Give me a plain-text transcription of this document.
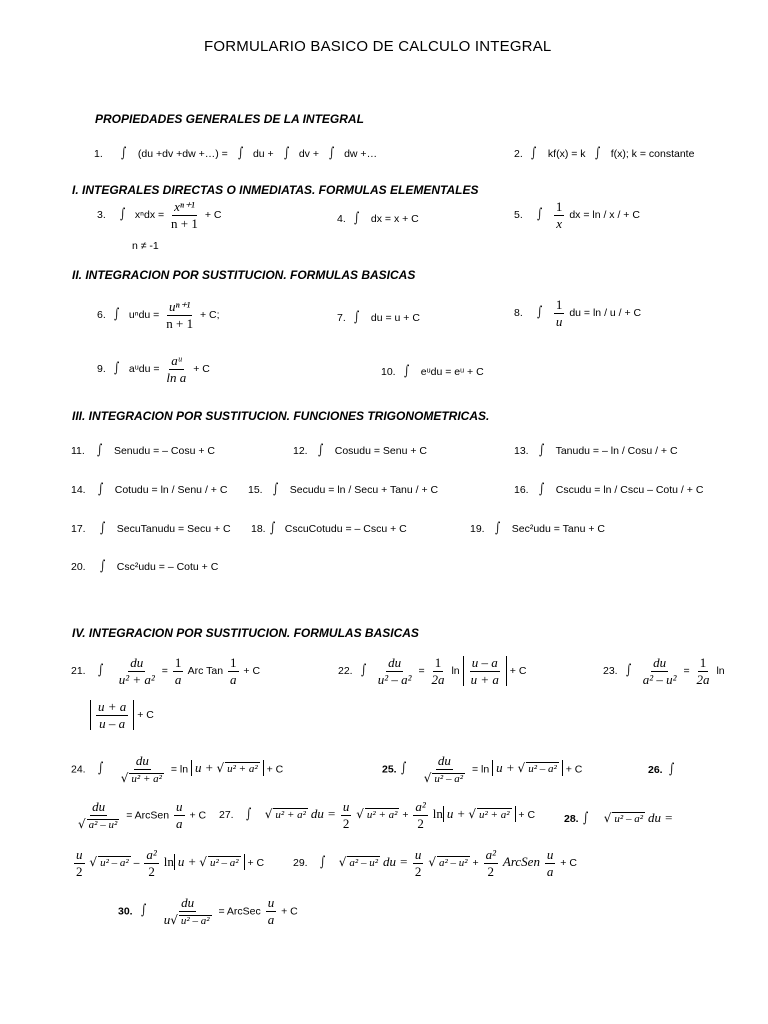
FORMULARIO BASICO DE CALCULO INTEGRAL
PROPIEDADES GENERALES DE LA INTEGRAL
1. ∫ (du +dv +dw +…) = ∫ du + ∫ dv + ∫ dw +…	2. ∫ kf(x) = k ∫ f(x); k = constante
I. INTEGRALES DIRECTAS O INMEDIATAS. FORMULAS ELEMENTALES
3. ∫ $x^ndx = \frac{\text{xⁿ⁺¹}}{n + 1} + C$
n ≠ -1
4. ∫ dx = x + C	5. ∫ $\frac{1}{x}$ dx = ln / x / + C
II. INTEGRACION POR SUSTITUCION. FORMULAS BASICAS
6. ∫ $u^ndu = \frac{\text{uⁿ⁺¹}}{n + 1} + C$;	7. ∫ du = u + C	8. ∫ $\frac{1}{u}$ du = ln / u / + C
9. ∫ aᵘdu = $\frac{\text{aᵘ}}{\text{ln a}} + C$	10. ∫ eᵘdu = eᵘ + C
III. INTEGRACION POR SUSTITUCION. FUNCIONES TRIGONOMETRICAS.
11. ∫ Senudu = – Cosu + C	12. ∫ Cosudu = Senu + C	13. ∫ Tanudu = – ln / Cosu / + C
14. ∫ Cotudu = ln / Senu / + C 15. ∫ Secudu = ln / Secu + Tanu / + C	16. ∫ Cscudu = ln / Cscu – Cotu / + C
17. ∫ SecuTanudu = Secu + C 18. ∫ CscuCotudu = – Cscu + C	19. ∫ Sec²udu = Tanu + C
20. ∫ Csc²udu = – Cotu + C
IV. INTEGRACION POR SUSTITUCION. FORMULAS BASICAS
21. ∫ $\frac{du}{\text{u² + a²}} = \frac{1}{a}$ Arc Tan $\frac{1}{a} + C$	22. ∫ $\frac{du}{\text{u² – a²}} = \frac{1}{2a}$ $\ln \frac{u - a}{u + a} + C$	23. ∫ $\frac{du}{\text{a² – u²}} = \frac{1}{2a}$ ln
$\frac{u + a}{u - a} + C$
24. ∫ $\frac{du}{\text{√ u² + a²}} = \ln u$ + √ u² + a² + C	25. ∫ $\frac{du}{\text{√ u² – a²}} = \ln u$ + √ u² – a² + C	26. ∫
$\frac{du}{\text{√ a² – u²}}$ = ArcSen $\frac{u}{a} + C$ 27. ∫ √ u² + a² du = $\frac{u}{2}$ √ $u^2 + a^2 + \frac{\text{a²}}{2}$ ln u + √ u² + a² + C	28. ∫ √ u² – a² du =
$\frac{u}{2}$ √ $u^2 - a^2 - \frac{\text{a²}}{2}$ ln u + √ u² – a² + C	29. ∫ √ a² – u² du = $\frac{u}{2}$ √ $a^2 - u^2 + \frac{\text{a²}}{2}$ ArcSen $\frac{u}{a} + C$
30. ∫ $\frac{du}{\text{u√ u² – a²}}$ = ArcSec $\frac{u}{a} + C$
